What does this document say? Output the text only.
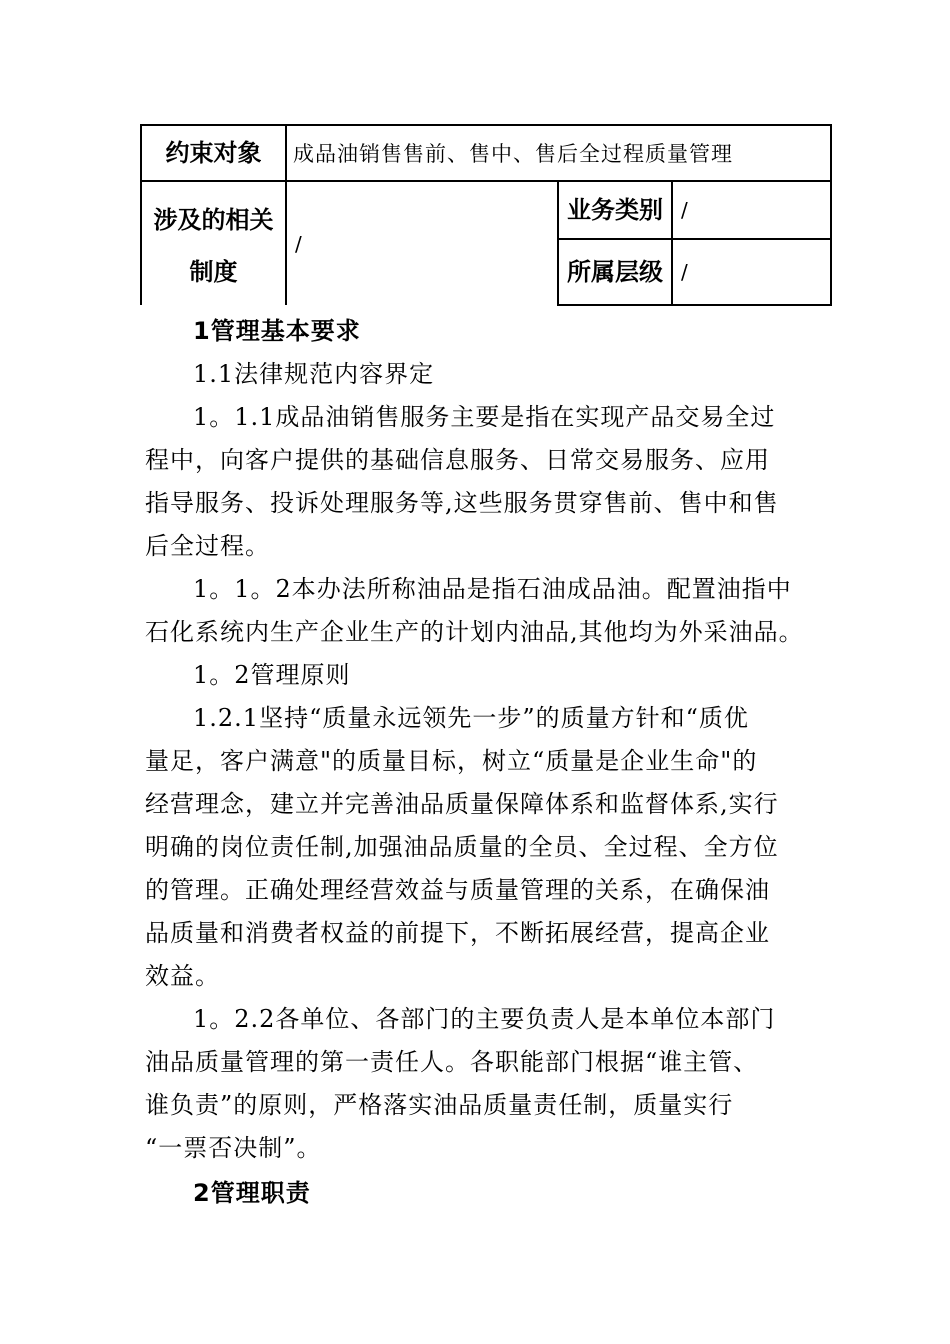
约束对象	成品油销售售前、售中、售后全过程质量管理		

涉及的相关
制度	/	业务类别	/
		所属层级	/
1管理基本要求
1.1法律规范内容界定
1。1.1成品油销售服务主要是指在实现产品交易全过
程中，向客户提供的基础信息服务、日常交易服务、应用
指导服务、投诉处理服务等,这些服务贯穿售前、售中和售
后全过程。
1。1。2本办法所称油品是指石油成品油。配置油指中
石化系统内生产企业生产的计划内油品,其他均为外采油品。
1。2管理原则
1.2.1坚持“质量永远领先一步”的质量方针和“质优
量足，客户满意"的质量目标，树立“质量是企业生命"的
经营理念，建立并完善油品质量保障体系和监督体系,实行
明确的岗位责任制,加强油品质量的全员、全过程、全方位
的管理。正确处理经营效益与质量管理的关系，在确保油
品质量和消费者权益的前提下，不断拓展经营，提高企业
效益。
1。2.2各单位、各部门的主要负责人是本单位本部门
油品质量管理的第一责任人。各职能部门根据“谁主管、
谁负责”的原则，严格落实油品质量责任制，质量实行
“一票否决制”。
2管理职责
